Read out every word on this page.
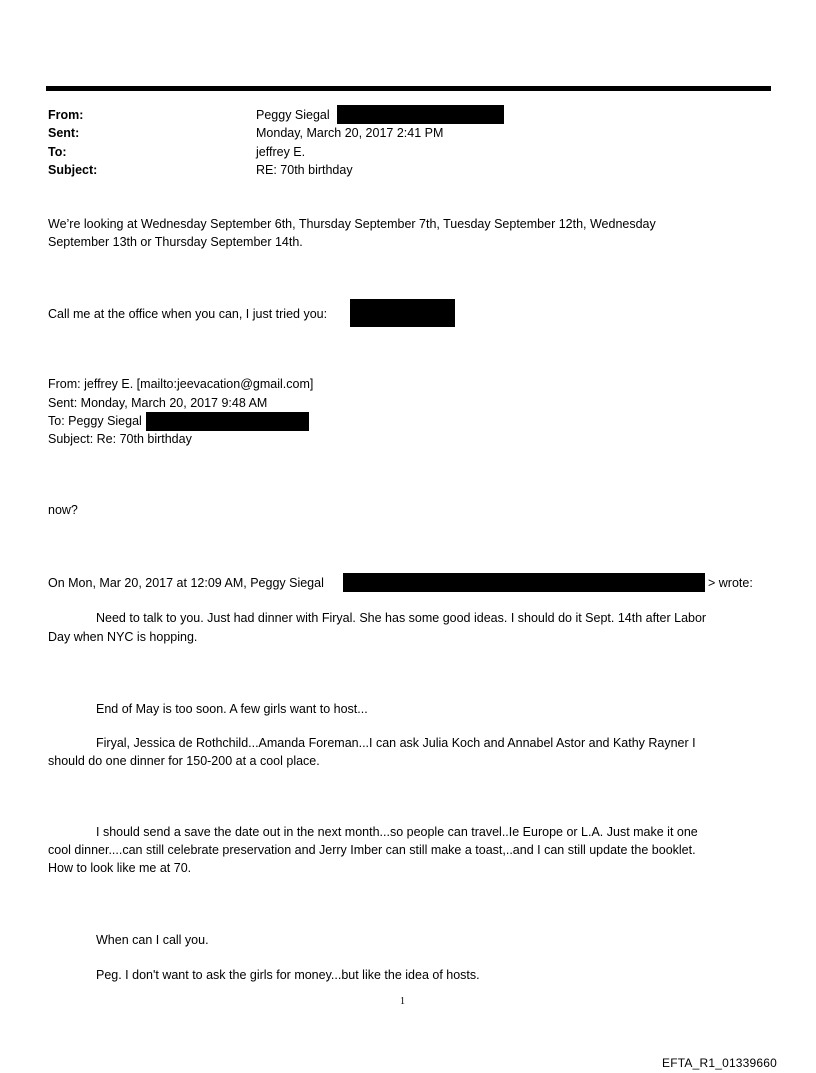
From:	Peggy Siegal
Sent:	Monday, March 20, 2017 2:41 PM
To:	jeffrey E.
Subject:	RE: 70th birthday
We’re looking at Wednesday September 6th, Thursday September 7th, Tuesday September 12th, Wednesday
September 13th or Thursday September 14th.
Call me at the office when you can, I just tried you:
From: jeffrey E. [mailto:jeevacation@gmail.com]
Sent: Monday, March 20, 2017 9:48 AM
To: Peggy Siegal
Subject: Re: 70th birthday
now?
On Mon, Mar 20, 2017 at 12:09 AM, Peggy Siegal	> wrote:
Need to talk to you. Just had dinner with Firyal. She has some good ideas. I should do it Sept. 14th after Labor
Day when NYC is hopping.
End of May is too soon. A few girls want to host...
Firyal, Jessica de Rothchild...Amanda Foreman...I can ask Julia Koch and Annabel Astor and Kathy Rayner I
should do one dinner for 150-200 at a cool place.
I should send a save the date out in the next month...so people can travel..Ie Europe or L.A. Just make it one
cool dinner....can still celebrate preservation and Jerry Imber can still make a toast,..and I can still update the booklet.
How to look like me at 70.
When can I call you.
Peg. I don't want to ask the girls for money...but like the idea of hosts.
1
EFTA_R1_01339660
